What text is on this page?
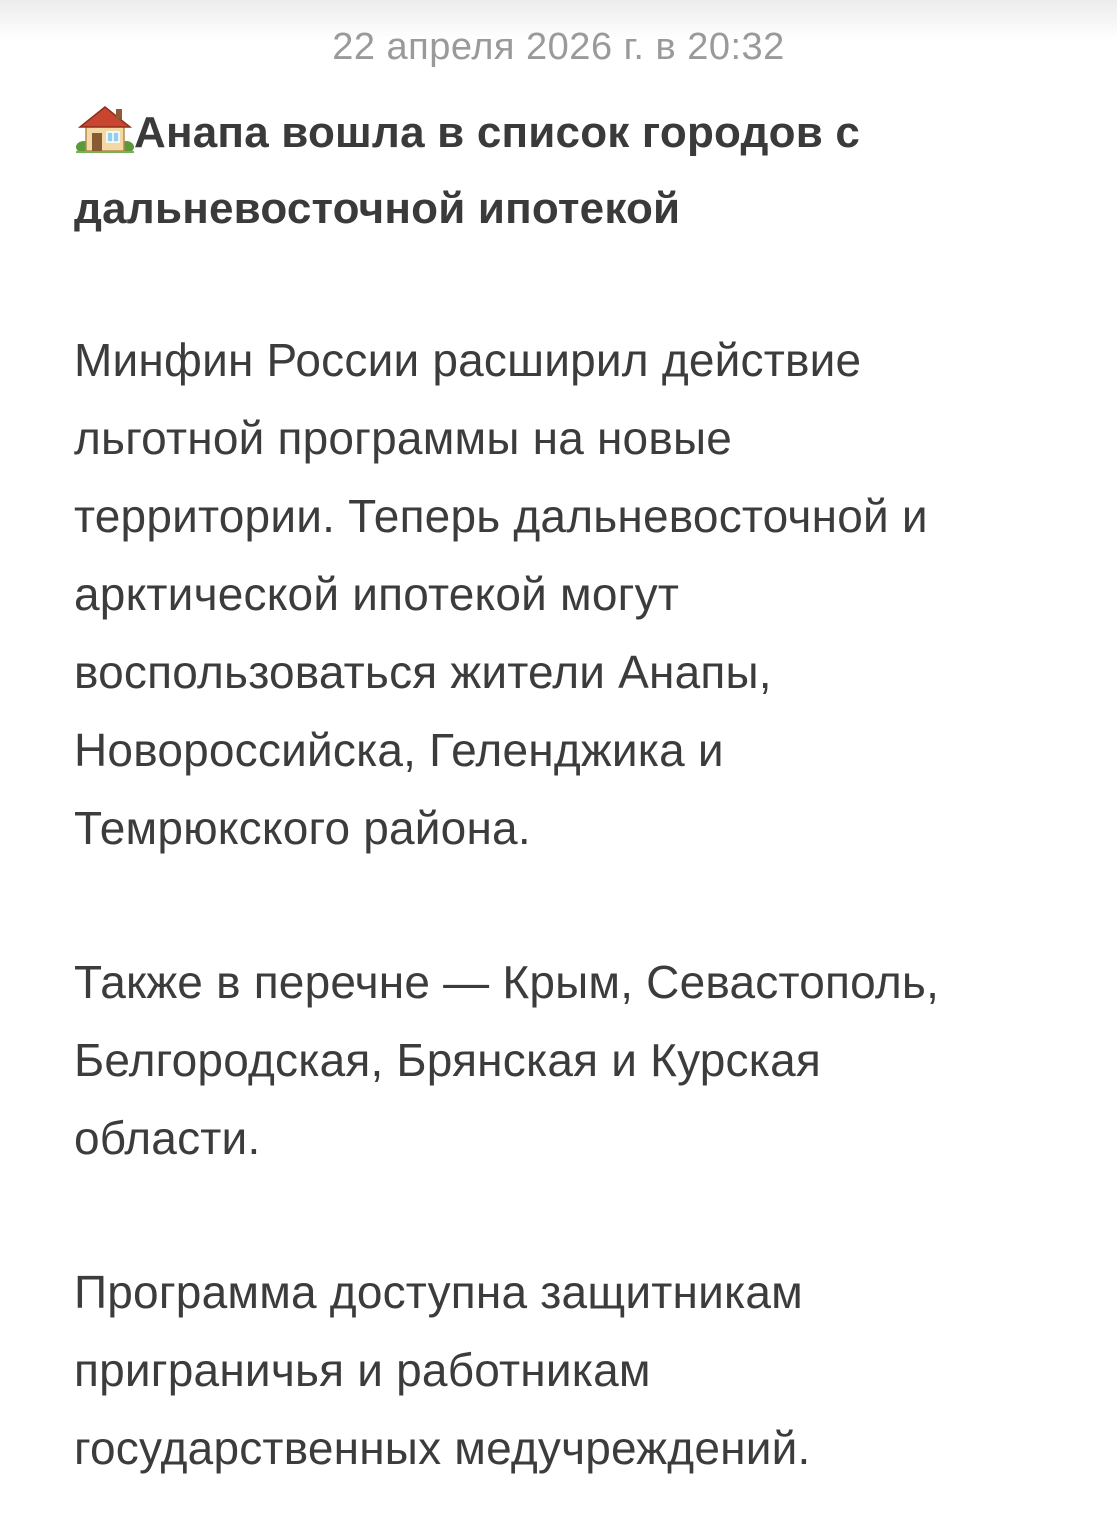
22 апреля 2026 г. в 20:32

Анапа вошла в список городов с
дальневосточной ипотекой

Минфин России расширил действие
льготной программы на новые
территории. Теперь дальневосточной и
арктической ипотекой могут
воспользоваться жители Анапы,
Новороссийска, Геленджика и
Темрюкского района.

Также в перечне — Крым, Севастополь,
Белгородская, Брянская и Курская
области.

Программа доступна защитникам
приграничья и работникам
государственных медучреждений.
